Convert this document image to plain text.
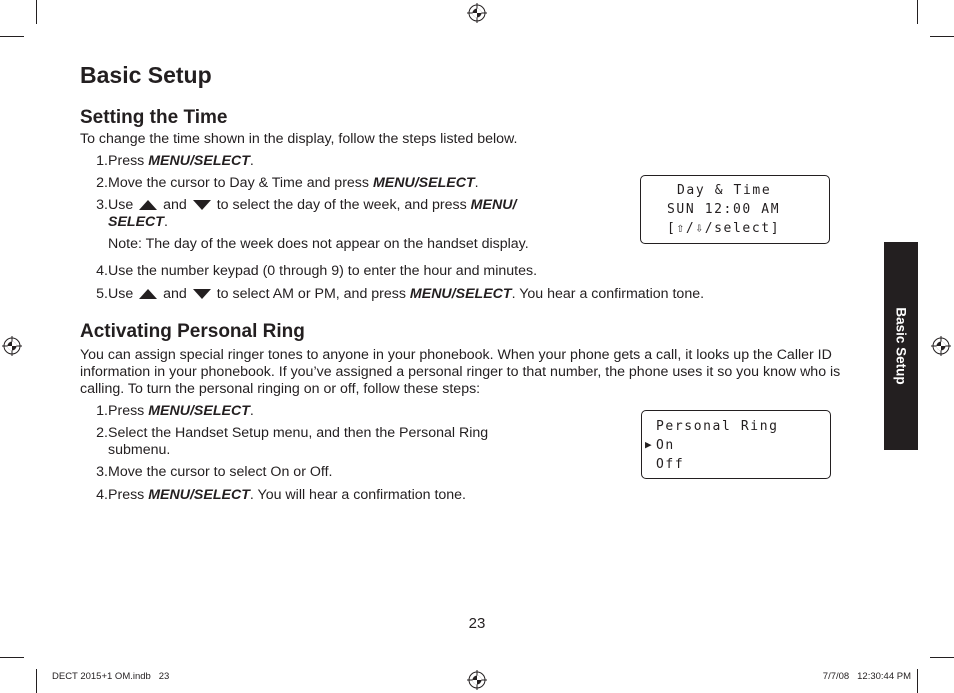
Basic Setup
Setting the Time

To change the time shown in the display, follow the steps listed below.

1. Press MENU/SELECT.
2. Move the cursor to Day & Time and press MENU/SELECT.
3. Use and to select the day of the week, and press MENU/
SELECT.
Note: The day of the week does not appear on the handset display.
4. Use the number keypad (0 through 9) to enter the hour and minutes.
5. Use and to select AM or PM, and press MENU/SELECT. You hear a confirmation tone.
Day & Time
SUN 12:00 AM
[⇧/⇩/select]
Activating Personal Ring

You can assign special ringer tones to anyone in your phonebook. When your phone gets a call, it looks up the Caller ID information in your phonebook. If you’ve assigned a personal ringer to that number, the phone uses it so you know who is calling. To turn the personal ringing on or off, follow these steps:

1. Press MENU/SELECT.
2. Select the Handset Setup menu, and then the Personal Ring submenu.
3. Move the cursor to select On or Off.
4. Press MENU/SELECT. You will hear a confirmation tone.
Personal Ring
▶ On
Off
Basic Setup
23
DECT 2015+1 OM.indb   23	7/7/08   12:30:44 PM
